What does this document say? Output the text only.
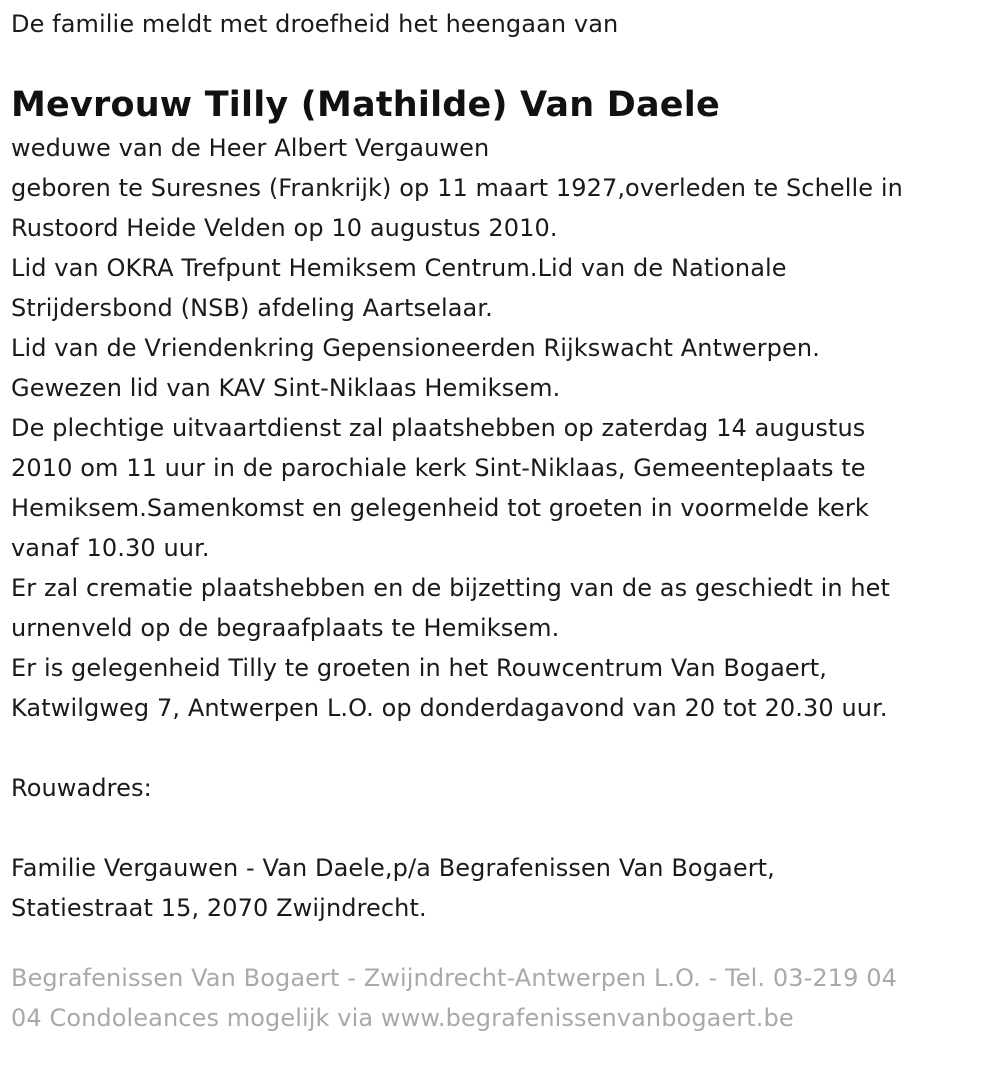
De familie meldt met droefheid het heengaan van

Mevrouw Tilly (Mathilde) Van Daele

weduwe van de Heer Albert Vergauwen

geboren te Suresnes (Frankrijk) op 11 maart 1927,overleden te Schelle in

Rustoord Heide Velden op 10 augustus 2010.

Lid van OKRA Trefpunt Hemiksem Centrum.Lid van de Nationale

Strijdersbond (NSB) afdeling Aartselaar.

Lid van de Vriendenkring Gepensioneerden Rijkswacht Antwerpen.

Gewezen lid van KAV Sint-Niklaas Hemiksem.

De plechtige uitvaartdienst zal plaatshebben op zaterdag 14 augustus

2010 om 11 uur in de parochiale kerk Sint-Niklaas, Gemeenteplaats te

Hemiksem.Samenkomst en gelegenheid tot groeten in voormelde kerk

vanaf 10.30 uur.

Er zal crematie plaatshebben en de bijzetting van de as geschiedt in het

urnenveld op de begraafplaats te Hemiksem.

Er is gelegenheid Tilly te groeten in het Rouwcentrum Van Bogaert,

Katwilgweg 7, Antwerpen L.O. op donderdagavond van 20 tot 20.30 uur.

Rouwadres:

Familie Vergauwen - Van Daele,p/a Begrafenissen Van Bogaert,

Statiestraat 15, 2070 Zwijndrecht.

Begrafenissen Van Bogaert - Zwijndrecht-Antwerpen L.O. - Tel. 03-219 04

04 Condoleances mogelijk via www.begrafenissenvanbogaert.be
